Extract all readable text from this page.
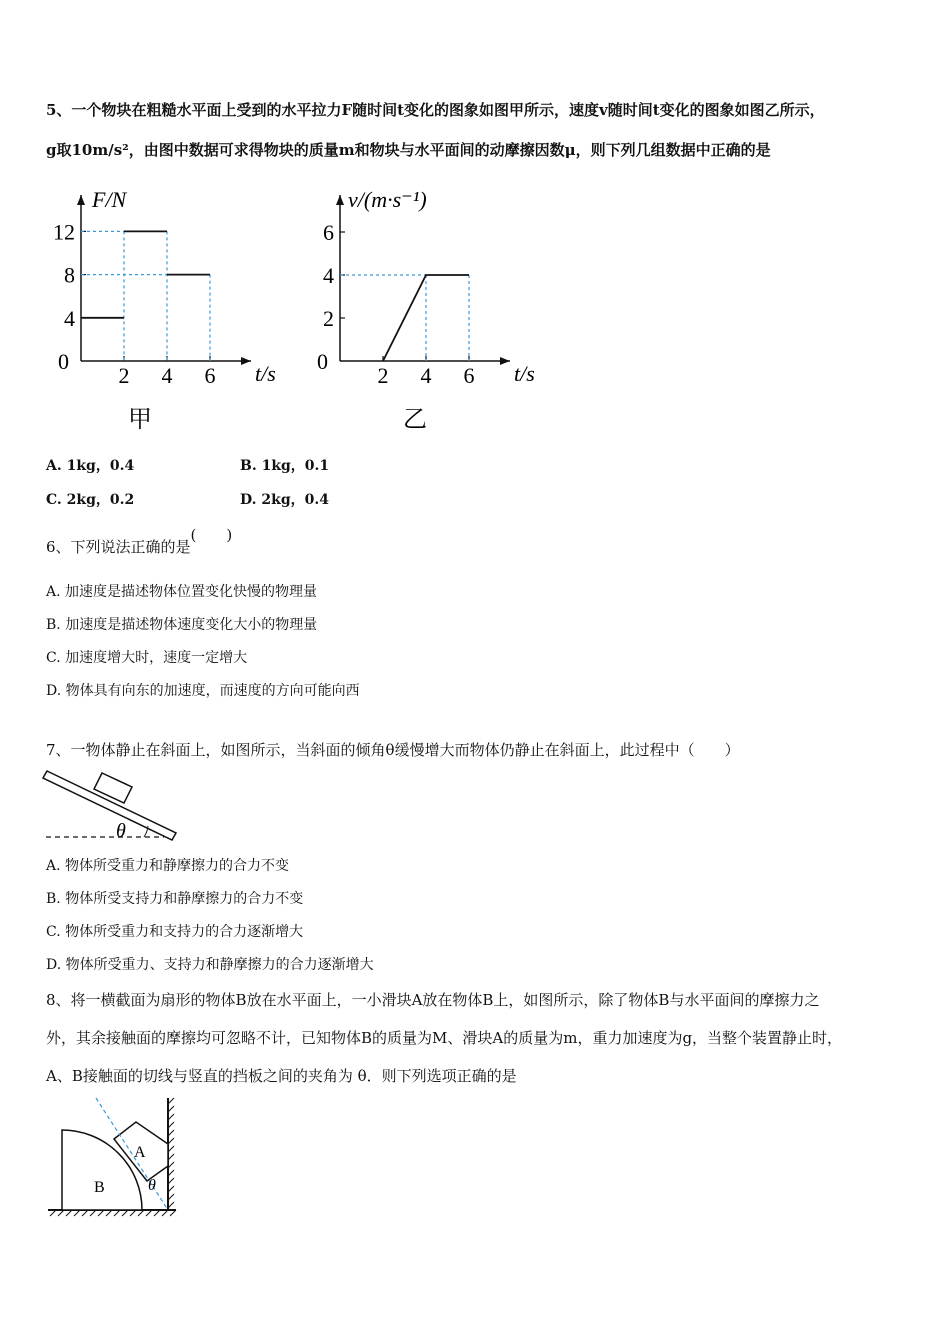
5、一个物块在粗糙水平面上受到的水平拉力F随时间t变化的图象如图甲所示，速度v随时间t变化的图象如图乙所示，
g取10m/s²，由图中数据可求得物块的质量m和物块与水平面间的动摩擦因数μ，则下列几组数据中正确的是
2 4 6
4
8
12
0	t/s
F/N
甲
2 4 6
2
4
6
0	t/s
v/(m·s⁻¹)
乙
A. 1kg，0.4	B. 1kg，0.1
C. 2kg，0.2	D. 2kg，0.4
6、下列说法正确的是(　　)
A. 加速度是描述物体位置变化快慢的物理量
B. 加速度是描述物体速度变化大小的物理量
C. 加速度增大时，速度一定增大
D. 物体具有向东的加速度，而速度的方向可能向西
7、一物体静止在斜面上，如图所示，当斜面的倾角θ缓慢增大而物体仍静止在斜面上，此过程中（　　）
θ
A. 物体所受重力和静摩擦力的合力不变
B. 物体所受支持力和静摩擦力的合力不变
C. 物体所受重力和支持力的合力逐渐增大
D. 物体所受重力、支持力和静摩擦力的合力逐渐增大
8、将一横截面为扇形的物体B放在水平面上，一小滑块A放在物体B上，如图所示，除了物体B与水平面间的摩擦力之
外，其余接触面的摩擦均可忽略不计，已知物体B的质量为M、滑块A的质量为m，重力加速度为g，当整个装置静止时，
A、B接触面的切线与竖直的挡板之间的夹角为 θ．则下列选项正确的是
A
B	θ
